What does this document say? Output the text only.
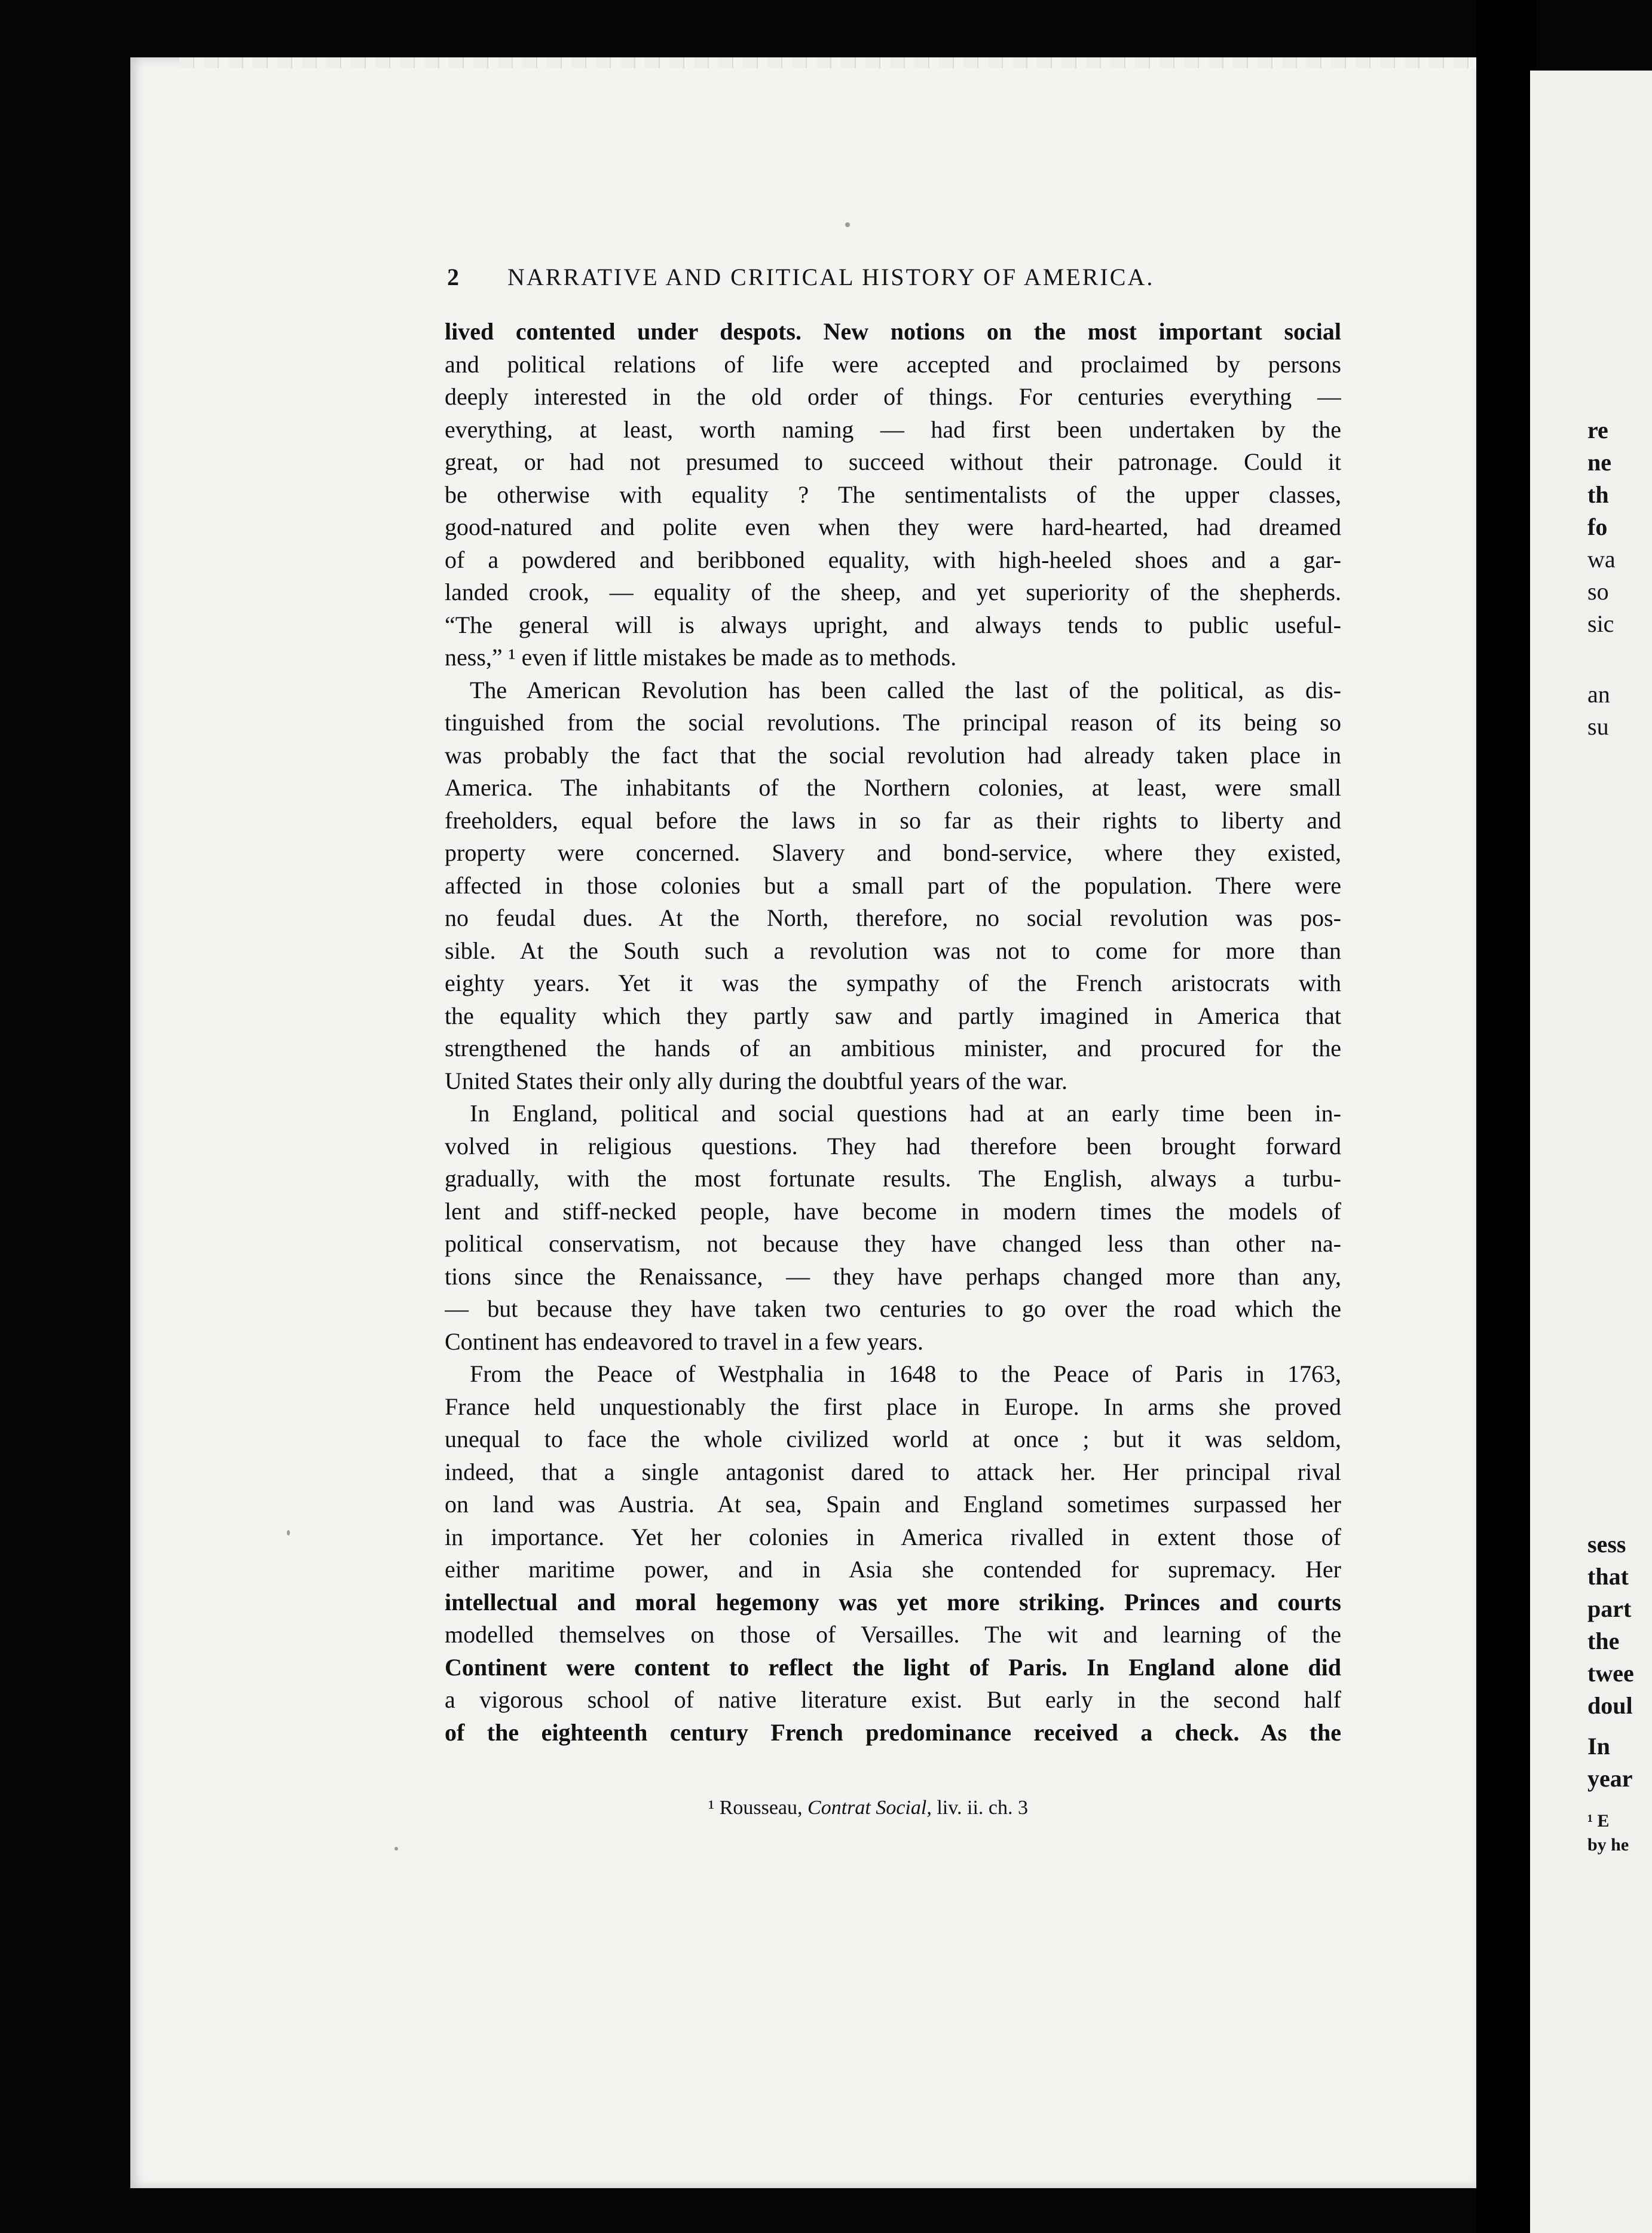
re
ne
th
fo
wa
so
sic
an
su
sess
that
part
the
twee
doul
In
year
¹ E
by he
2 NARRATIVE AND CRITICAL HISTORY OF AMERICA.
lived contented under despots. New notions on the most important social
and political relations of life were accepted and proclaimed by persons
deeply interested in the old order of things. For centuries everything —
everything, at least, worth naming — had first been undertaken by the
great, or had not presumed to succeed without their patronage. Could it
be otherwise with equality ? The sentimentalists of the upper classes,
good-natured and polite even when they were hard-hearted, had dreamed
of a powdered and beribboned equality, with high-heeled shoes and a gar-
landed crook, — equality of the sheep, and yet superiority of the shepherds.
“The general will is always upright, and always tends to public useful-
ness,” ¹ even if little mistakes be made as to methods.
The American Revolution has been called the last of the political, as dis-
tinguished from the social revolutions. The principal reason of its being so
was probably the fact that the social revolution had already taken place in
America. The inhabitants of the Northern colonies, at least, were small
freeholders, equal before the laws in so far as their rights to liberty and
property were concerned. Slavery and bond-service, where they existed,
affected in those colonies but a small part of the population. There were
no feudal dues. At the North, therefore, no social revolution was pos-
sible. At the South such a revolution was not to come for more than
eighty years. Yet it was the sympathy of the French aristocrats with
the equality which they partly saw and partly imagined in America that
strengthened the hands of an ambitious minister, and procured for the
United States their only ally during the doubtful years of the war.
In England, political and social questions had at an early time been in-
volved in religious questions. They had therefore been brought forward
gradually, with the most fortunate results. The English, always a turbu-
lent and stiff-necked people, have become in modern times the models of
political conservatism, not because they have changed less than other na-
tions since the Renaissance, — they have perhaps changed more than any,
— but because they have taken two centuries to go over the road which the
Continent has endeavored to travel in a few years.
From the Peace of Westphalia in 1648 to the Peace of Paris in 1763,
France held unquestionably the first place in Europe. In arms she proved
unequal to face the whole civilized world at once ; but it was seldom,
indeed, that a single antagonist dared to attack her. Her principal rival
on land was Austria. At sea, Spain and England sometimes surpassed her
in importance. Yet her colonies in America rivalled in extent those of
either maritime power, and in Asia she contended for supremacy. Her
intellectual and moral hegemony was yet more striking. Princes and courts
modelled themselves on those of Versailles. The wit and learning of the
Continent were content to reflect the light of Paris. In England alone did
a vigorous school of native literature exist. But early in the second half
of the eighteenth century French predominance received a check. As the
¹ Rousseau, Contrat Social, liv. ii. ch. 3
